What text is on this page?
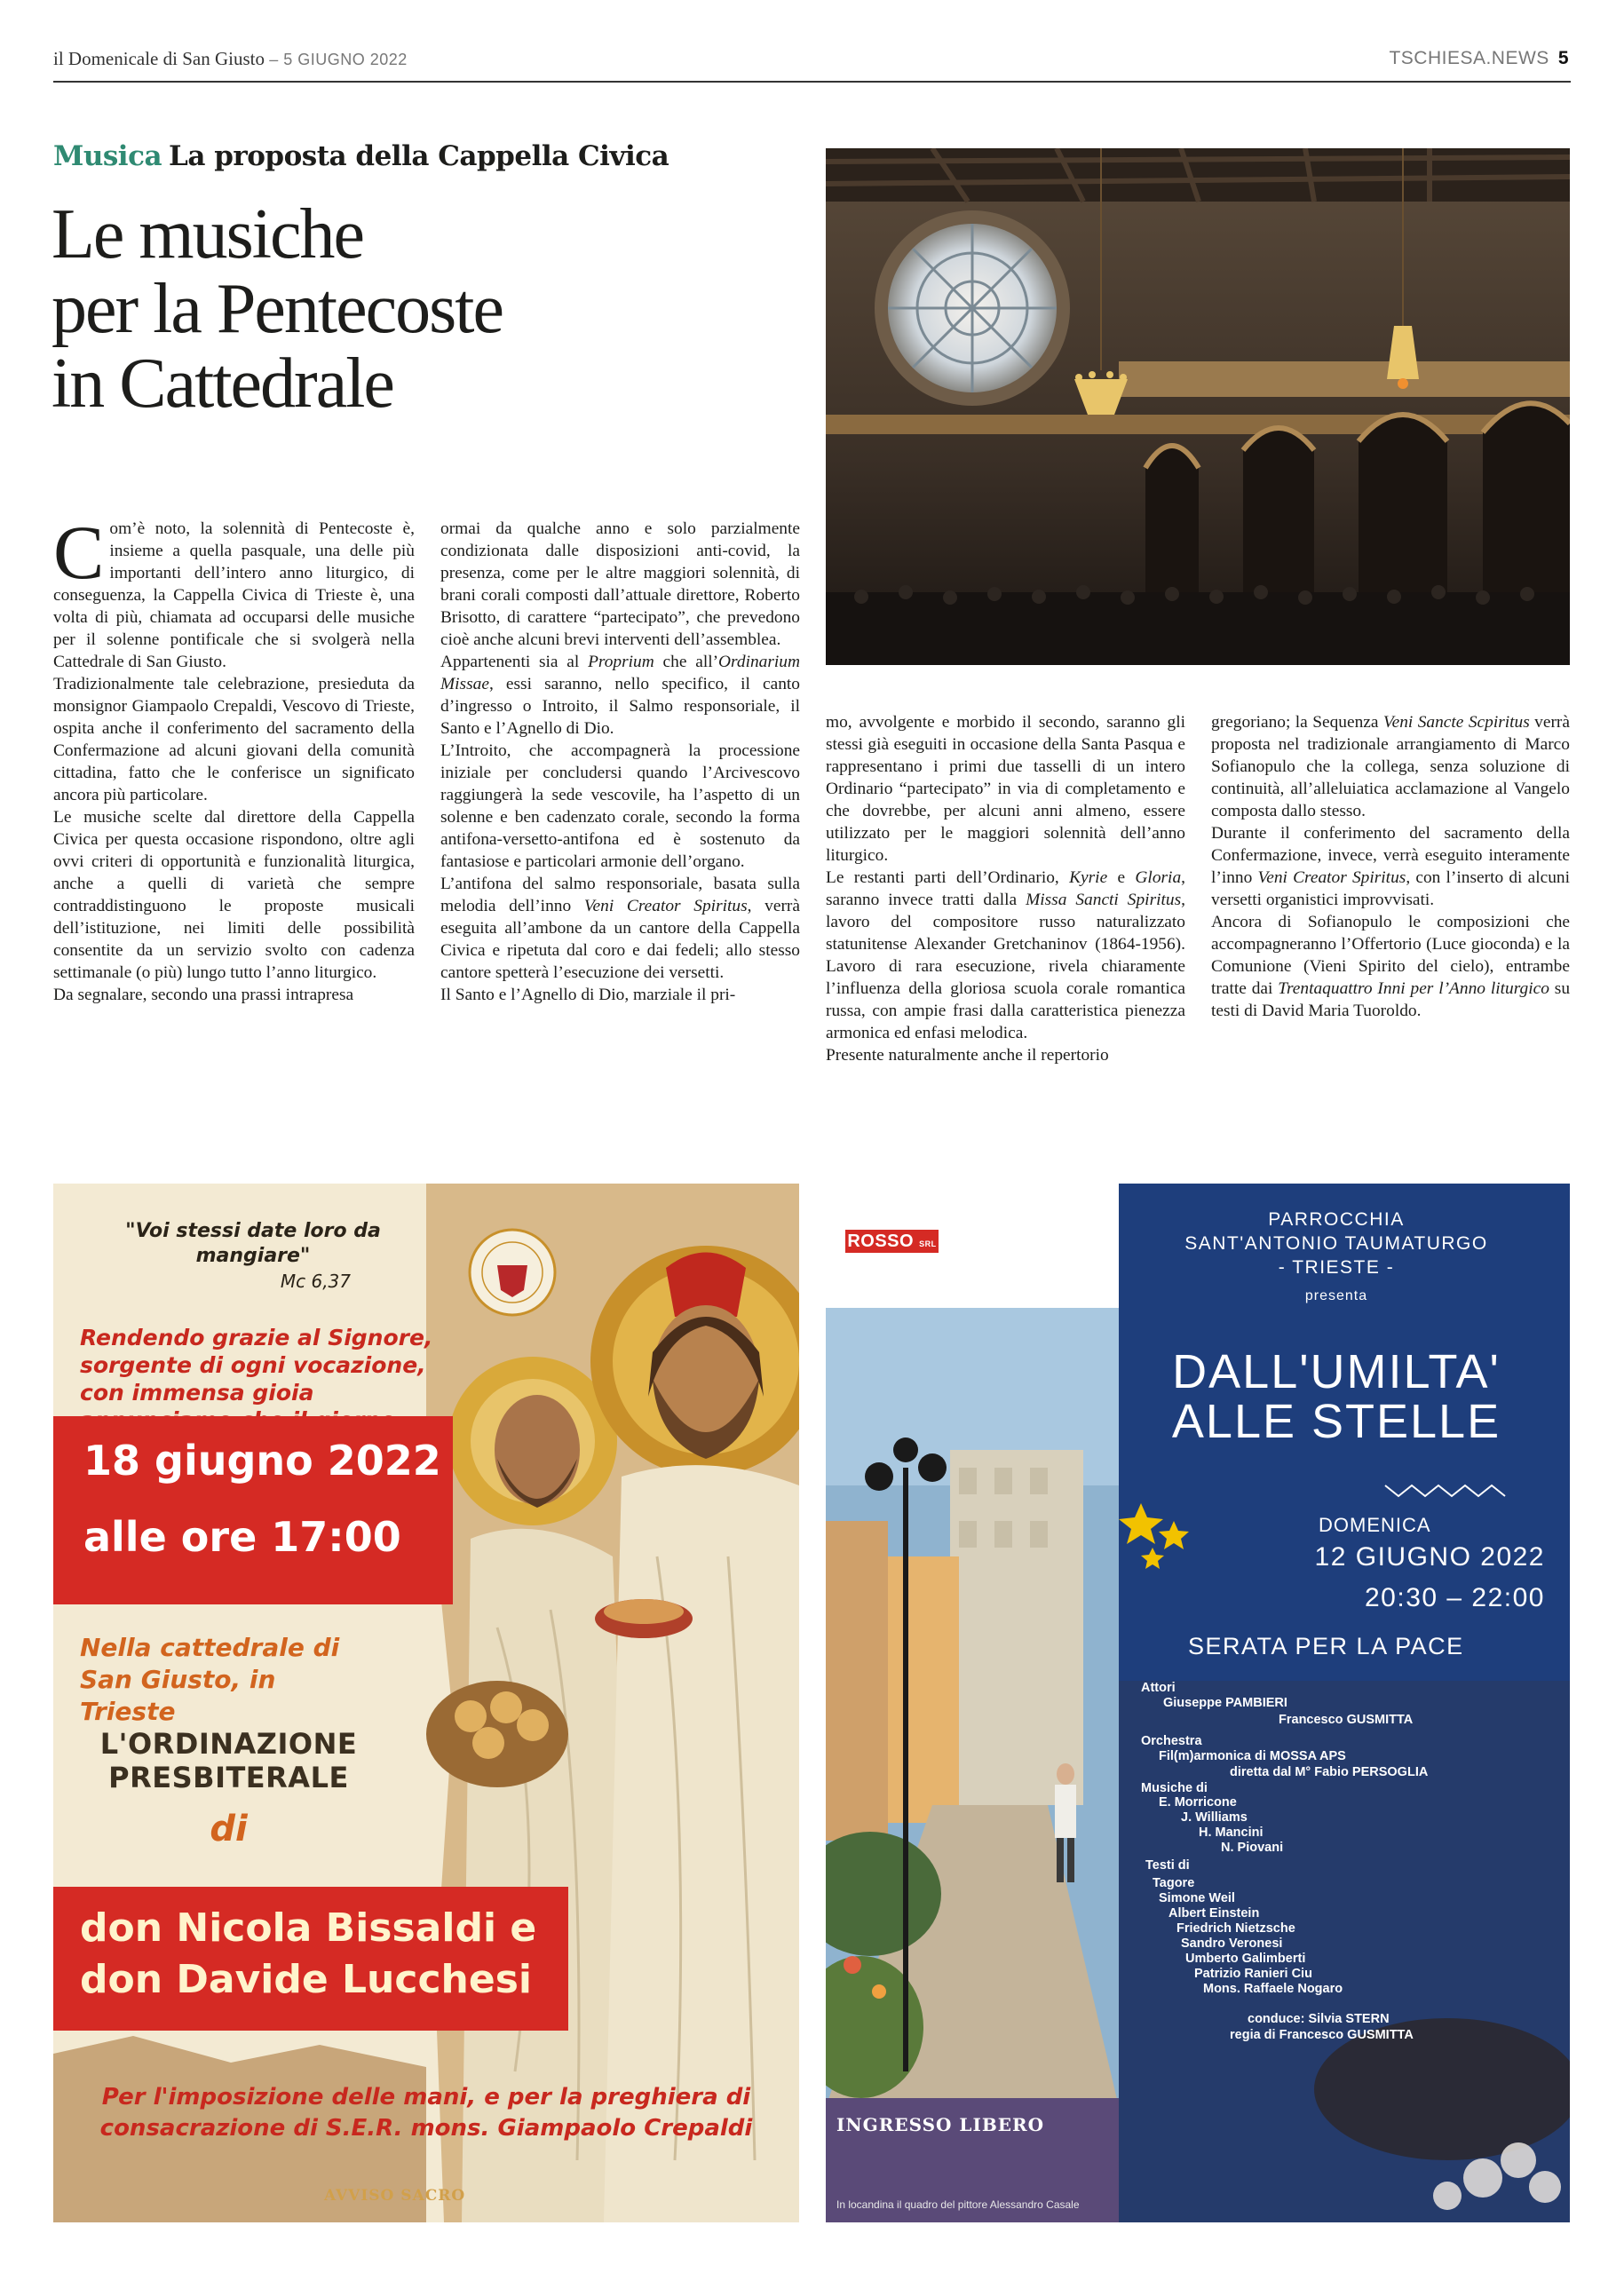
il Domenicale di San Giusto – 5 GIUGNO 2022	TSCHIESA.NEWS 5
Musica La proposta della Cappella Civica
Le musiche
per la Pentecoste
in Cattedrale

Com’è noto, la solennità di Pentecoste è, insieme a quella pasquale, una delle più importanti dell’intero anno liturgico, di conseguenza, la Cappella Civica di Trieste è, una volta di più, chiamata ad occuparsi delle musiche per il solenne pontificale che si svolgerà nella Cattedrale di San Giusto.

Tradizionalmente tale celebrazione, presieduta da monsignor Giampaolo Crepaldi, Vescovo di Trieste, ospita anche il conferimento del sacramento della Confermazione ad alcuni giovani della comunità cittadina, fatto che le conferisce un significato ancora più particolare.

Le musiche scelte dal direttore della Cappella Civica per questa occasione rispondono, oltre agli ovvi criteri di opportunità e funzionalità liturgica, anche a quelli di varietà che sempre contraddistinguono le proposte musicali dell’istituzione, nei limiti delle possibilità consentite da un servizio svolto con cadenza settimanale (o più) lungo tutto l’anno liturgico.

Da segnalare, secondo una prassi intrapresa

ormai da qualche anno e solo parzialmente condizionata dalle disposizioni anti-covid, la presenza, come per le altre maggiori solennità, di brani corali composti dall’attuale direttore, Roberto Brisotto, di carattere “partecipato”, che prevedono cioè anche alcuni brevi interventi dell’assemblea.

Appartenenti sia al Proprium che all’Ordinarium Missae, essi saranno, nello specifico, il canto d’ingresso o Introito, il Salmo responsoriale, il Santo e l’Agnello di Dio.

L’Introito, che accompagnerà la processione iniziale per concludersi quando l’Arcivescovo raggiungerà la sede vescovile, ha l’aspetto di un solenne e ben cadenzato corale, secondo la forma antifona-versetto-antifona ed è sostenuto da fantasiose e particolari armonie dell’organo.

L’antifona del salmo responsoriale, basata sulla melodia dell’inno Veni Creator Spiritus, verrà eseguita all’ambone da un cantore della Cappella Civica e ripetuta dal coro e dai fedeli; allo stesso cantore spetterà l’esecuzione dei versetti.

Il Santo e l’Agnello di Dio, marziale il pri-

mo, avvolgente e morbido il secondo, saranno gli stessi già eseguiti in occasione della Santa Pasqua e rappresentano i primi due tasselli di un intero Ordinario “partecipato” in via di completamento e che dovrebbe, per alcuni anni almeno, essere utilizzato per le maggiori solennità dell’anno liturgico.

Le restanti parti dell’Ordinario, Kyrie e Gloria, saranno invece tratti dalla Missa Sancti Spiritus, lavoro del compositore russo naturalizzato statunitense Alexander Gretchaninov (1864-1956). Lavoro di rara esecuzione, rivela chiaramente l’influenza della gloriosa scuola corale romantica russa, con ampie frasi dalla caratteristica pienezza armonica ed enfasi melodica.

Presente naturalmente anche il repertorio

gregoriano; la Sequenza Veni Sancte Scpiritus verrà proposta nel tradizionale arrangiamento di Marco Sofianopulo che la collega, senza soluzione di continuità, all’alleluiatica acclamazione al Vangelo composta dallo stesso.

Durante il conferimento del sacramento della Confermazione, invece, verrà eseguito interamente l’inno Veni Creator Spiritus, con l’inserto di alcuni versetti organistici improvvisati.

Ancora di Sofianopulo le composizioni che accompagneranno l’Offertorio (Luce gioconda) e la Comunione (Vieni Spirito del cielo), entrambe tratte dai Trentaquattro Inni per l’Anno liturgico su testi di David Maria Tuoroldo.

"Voi stessi date loro da mangiare"
Mc 6,37
Rendendo grazie al Signore, sorgente di ogni vocazione, con immensa gioia
18 giugno 2022
alle ore 17:00
Nella cattedrale di San Giusto, in Trieste
L'ORDINAZIONE
PRESBITERALE
di
don Nicola Bissaldi e
don Davide Lucchesi
Per l'imposizione delle mani, e per la preghiera di consacrazione di S.E.R. mons. Giampaolo Crepaldi
AVVISO SACRO
ROSSO SRL
PARROCCHIA
SANT'ANTONIO TAUMATURGO
- TRIESTE -
presenta
DALL'UMILTA'
ALLE STELLE
DOMENICA
12 GIUGNO 2022
20:30 – 22:00
SERATA PER LA PACE
Attori
Giuseppe PAMBIERI
Francesco GUSMITTA
Orchestra
Fil(m)armonica di MOSSA APS
diretta dal M° Fabio PERSOGLIA
Musiche di
E. Morricone
J. Williams
H. Mancini
N. Piovani
Testi di
Tagore
Simone Weil
Albert Einstein
Friedrich Nietzsche
Sandro Veronesi
Umberto Galimberti
Patrizio Ranieri Ciu
Mons. Raffaele Nogaro
conduce: Silvia STERN
regia di Francesco GUSMITTA
INGRESSO LIBERO
In locandina il quadro del pittore Alessandro Casale
